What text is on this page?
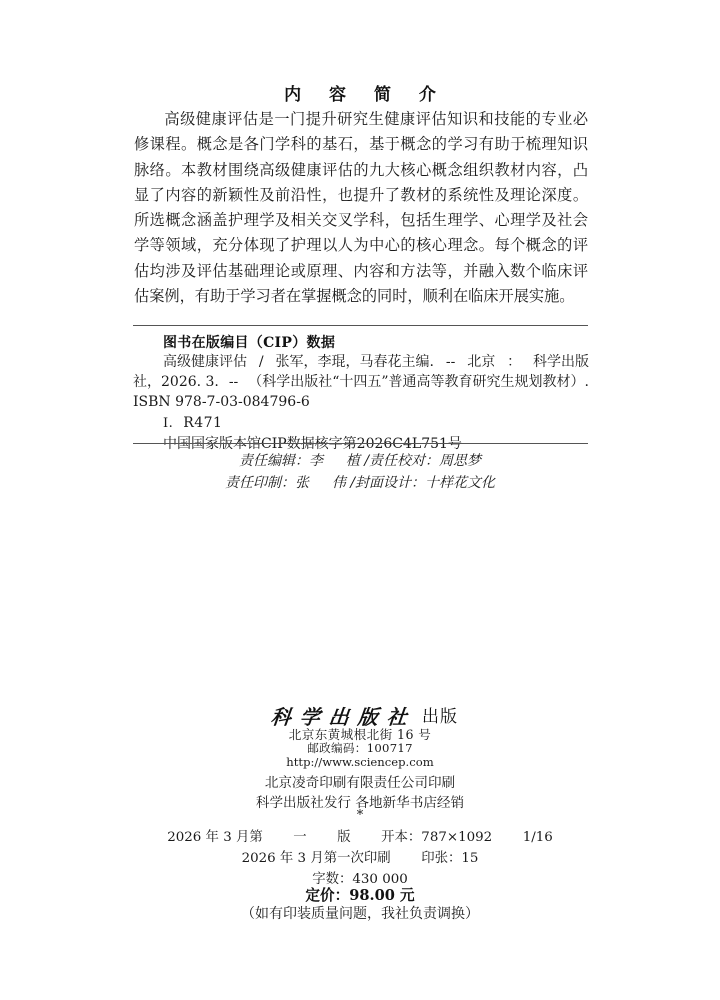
内 容 简 介
高级健康评估是一门提升研究生健康评估知识和技能的专业必修课程。概念是各门学科的基石，基于概念的学习有助于梳理知识脉络。本教材围绕高级健康评估的九大核心概念组织教材内容，凸显了内容的新颖性及前沿性，也提升了教材的系统性及理论深度。所选概念涵盖护理学及相关交叉学科，包括生理学、心理学及社会学等领域，充分体现了护理以人为中心的核心理念。每个概念的评估均涉及评估基础理论或原理、内容和方法等，并融入数个临床评估案例，有助于学习者在掌握概念的同时，顺利在临床开展实施。
图书在版编目（CIP）数据
高级健康评估 / 张军，李琨，马春花主编. -- 北京 ： 科学出版
社，2026. 3. -- （科学出版社“十四五”普通高等教育研究生规划教材）.
ISBN 978-7-03-084796-6
Ⅰ. R471
中国国家版本馆CIP数据核字第2026C4L751号
责任编辑：李 植 /责任校对：周思梦
责任印制：张 伟 /封面设计：十样花文化
科学出版社 出版
北京东黄城根北街 16 号
邮政编码：100717
http://www.sciencep.com
北京凌奇印刷有限责任公司印刷
科学出版社发行 各地新华书店经销
*
2026 年 3 月第 一 版 开本：787×1092 1/16
2026 年 3 月第一次印刷 印张：15
字数：430 000
定价：98.00 元
（如有印装质量问题，我社负责调换）
